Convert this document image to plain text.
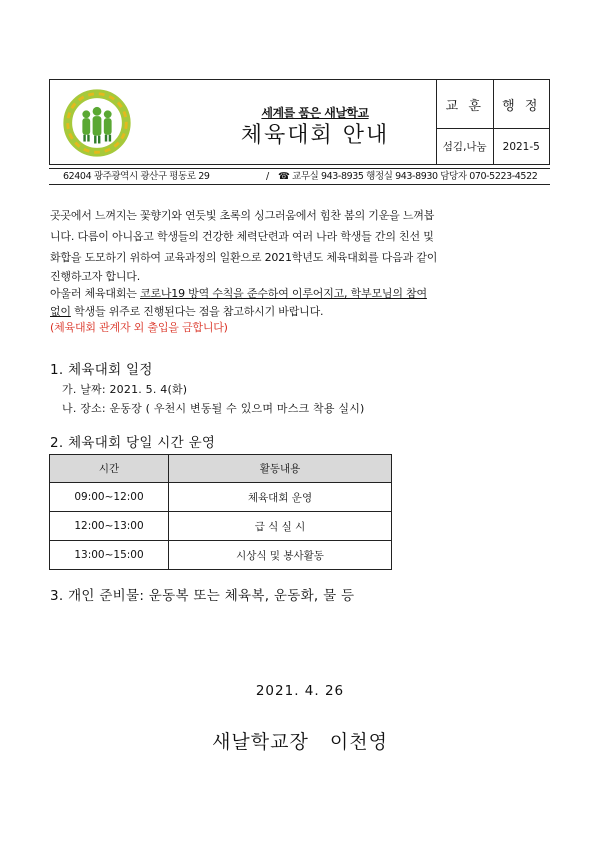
세계를 품은 새날학교
체육대회 안내
교 훈	행 정
섬김,나눔	2021-5
62404 광주광역시 광산구 평동로 29	/ ☎ 교무실 943-8935 행정실 943-8930 담당자 070-5223-4522
곳곳에서 느껴지는 꽃향기와 연듯빛 초록의 싱그러움에서 힘찬 봄의 기운을 느껴봅
니다. 다름이 아니옵고 학생들의 건강한 체력단련과 여러 나라 학생들 간의 친선 및
화합을 도모하기 위하여 교육과정의 일환으로 2021학년도 체육대회를 다음과 같이
진행하고자 합니다.
아울러 체육대회는 코로나19 방역 수칙을 준수하여 이루어지고, 학부모님의 참여
없이 학생들 위주로 진행된다는 점을 참고하시기 바랍니다.
(체육대회 관계자 외 출입을 금합니다)
1. 체육대회 일정
가. 날짜: 2021. 5. 4(화)
나. 장소: 운동장 ( 우천시 변동될 수 있으며 마스크 착용 실시)
2. 체육대회 당일 시간 운영
시간	활동내용
09:00~12:00	체육대회 운영
12:00~13:00	급 식 실 시
13:00~15:00	시상식 및 봉사활동
3. 개인 준비물: 운동복 또는 체육복, 운동화, 물 등
2021. 4. 26
새날학교장 이천영
